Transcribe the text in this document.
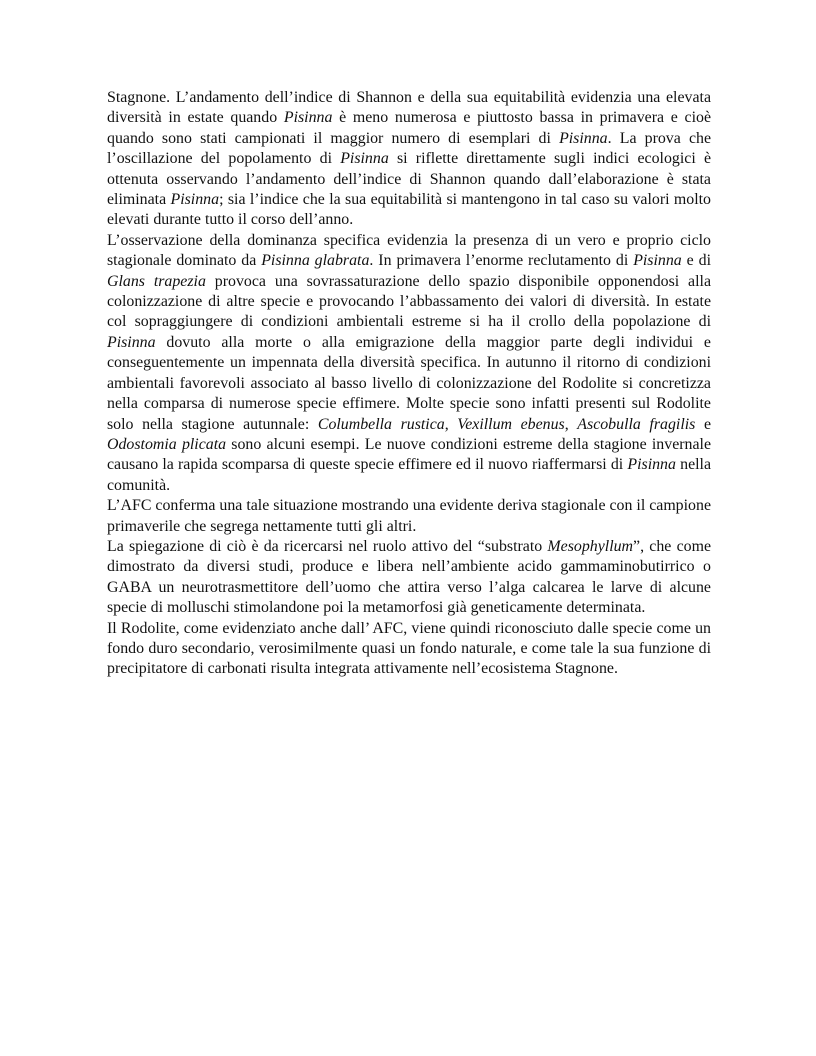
Stagnone. L’andamento dell’indice di Shannon e della sua equitabilità evidenzia una elevata diversità in estate quando Pisinna è meno numerosa e piuttosto bassa in primavera e cioè quando sono stati campionati il maggior numero di esemplari di Pisinna. La prova che l’oscillazione del popolamento di Pisinna si riflette direttamente sugli indici ecologici è ottenuta osservando l’andamento dell’indice di Shannon quando dall’elaborazione è stata eliminata Pisinna; sia l’indice che la sua equitabilità si mantengono in tal caso su valori molto elevati durante tutto il corso dell’anno.

L’osservazione della dominanza specifica evidenzia la presenza di un vero e proprio ciclo stagionale dominato da Pisinna glabrata. In primavera l’enorme reclutamento di Pisinna e di Glans trapezia provoca una sovrassaturazione dello spazio disponibile opponendosi alla colonizzazione di altre specie e provocando l’abbassamento dei valori di diversità. In estate col sopraggiungere di condizioni ambientali estreme si ha il crollo della popolazione di Pisinna dovuto alla morte o alla emigrazione della maggior parte degli individui e conseguentemente un impennata della diversità specifica. In autunno il ritorno di condizioni ambientali favorevoli associato al basso livello di colonizzazione del Rodolite si concretizza nella comparsa di numerose specie effimere. Molte specie sono infatti presenti sul Rodolite solo nella stagione autunnale: Columbella rustica, Vexillum ebenus, Ascobulla fragilis e Odostomia plicata sono alcuni esempi. Le nuove condizioni estreme della stagione invernale causano la rapida scomparsa di queste specie effimere ed il nuovo riaffermarsi di Pisinna nella comunità.

L’AFC conferma una tale situazione mostrando una evidente deriva stagionale con il campione primaverile che segrega nettamente tutti gli altri.

La spiegazione di ciò è da ricercarsi nel ruolo attivo del “substrato Mesophyllum”, che come dimostrato da diversi studi, produce e libera nell’ambiente acido gammaminobutirrico o GABA un neurotrasmettitore dell’uomo che attira verso l’alga calcarea le larve di alcune specie di molluschi stimolandone poi la metamorfosi già geneticamente determinata.

Il Rodolite, come evidenziato anche dall’ AFC, viene quindi riconosciuto dalle specie come un fondo duro secondario, verosimilmente quasi un fondo naturale, e come tale la sua funzione di precipitatore di carbonati risulta integrata attivamente nell’ecosistema Stagnone.
